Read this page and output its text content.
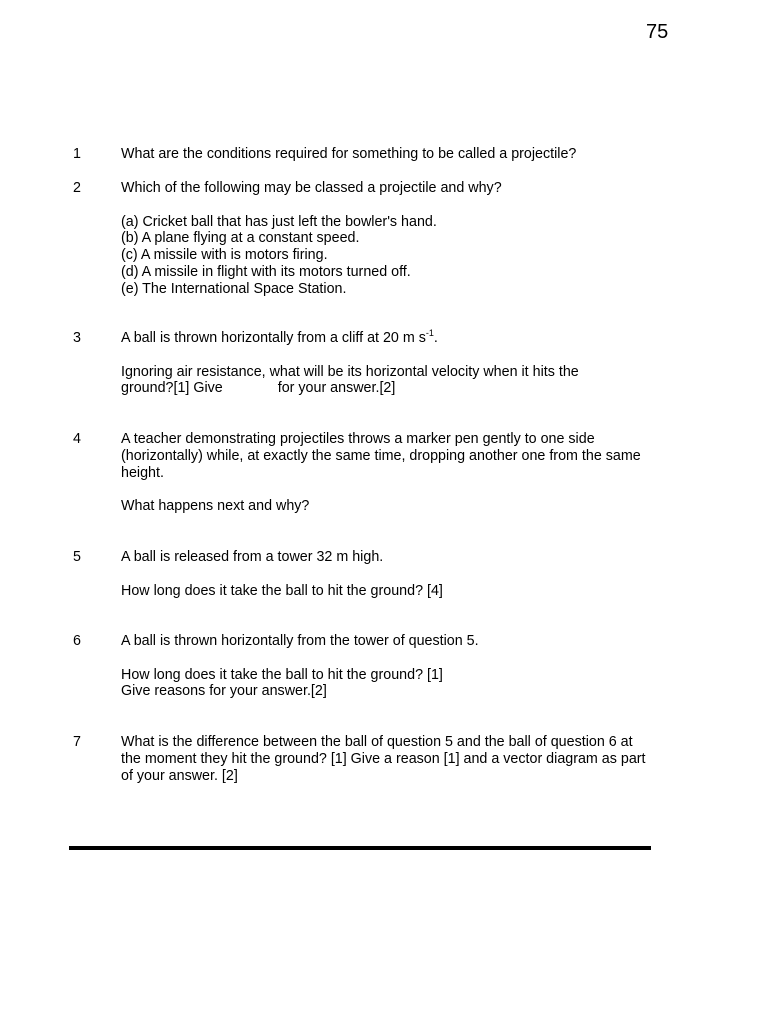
75
1	What are the conditions required for something to be called a projectile?

2	Which of the following may be classed a projectile and why?

(a) Cricket ball that has just left the bowler's hand.
(b) A plane flying at a constant speed.
(c) A missile with is motors firing.
(d) A missile in flight with its motors turned off.
(e) The International Space Station.

3	A ball is thrown horizontally from a cliff at 20 m $s^{-1}$.

Ignoring air resistance, what will be its horizontal velocity when it hits the
ground?[1] Give	for your answer.[2]

4	A teacher demonstrating projectiles throws a marker pen gently to one side
(horizontally) while, at exactly the same time, dropping another one from the same
height.

What happens next and why?

5	A ball is released from a tower 32 m high.

How long does it take the ball to hit the ground? [4]

6	A ball is thrown horizontally from the tower of question 5.

How long does it take the ball to hit the ground? [1]
Give reasons for your answer.[2]

7	What is the difference between the ball of question 5 and the ball of question 6 at
the moment they hit the ground? [1] Give a reason [1] and a vector diagram as part
of your answer. [2]
